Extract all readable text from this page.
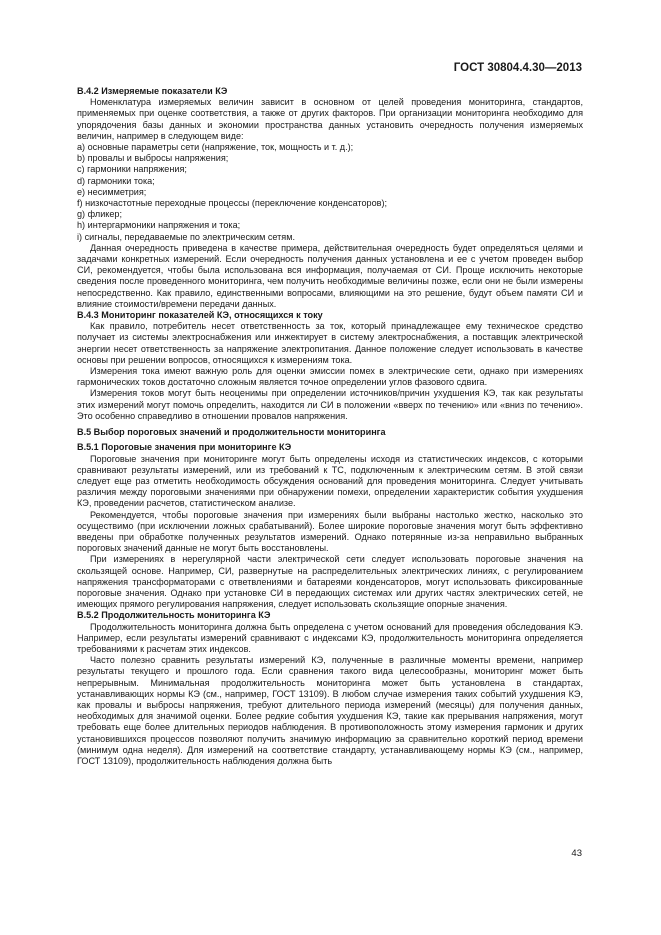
ГОСТ 30804.4.30—2013
B.4.2 Измеряемые показатели КЭ

Номенклатура измеряемых величин зависит в основном от целей проведения мониторинга, стандартов, применяемых при оценке соответствия, а также от других факторов. При организации мониторинга необходимо для упорядочения базы данных и экономии пространства данных установить очередность получения измеряемых величин, например в следующем виде:

a) основные параметры сети (напряжение, ток, мощность и т. д.);

b) провалы и выбросы напряжения;

c) гармоники напряжения;

d) гармоники тока;

e) несимметрия;

f) низкочастотные переходные процессы (переключение конденсаторов);

g) фликер;

h) интергармоники напряжения и тока;

i) сигналы, передаваемые по электрическим сетям.

Данная очередность приведена в качестве примера, действительная очередность будет определяться целями и задачами конкретных измерений. Если очередность получения данных установлена и ее с учетом проведен выбор СИ, рекомендуется, чтобы была использована вся информация, получаемая от СИ. Проще исключить некоторые сведения после проведенного мониторинга, чем получить необходимые величины позже, если они не были измерены непосредственно. Как правило, единственными вопросами, влияющими на это решение, будут объем памяти СИ и влияние стоимости/времени передачи данных.

B.4.3 Мониторинг показателей КЭ, относящихся к току

Как правило, потребитель несет ответственность за ток, который принадлежащее ему техническое средство получает из системы электроснабжения или инжектирует в систему электроснабжения, а поставщик электрической энергии несет ответственность за напряжение электропитания. Данное положение следует использовать в качестве основы при решении вопросов, относящихся к измерениям тока.

Измерения тока имеют важную роль для оценки эмиссии помех в электрические сети, однако при измерениях гармонических токов достаточно сложным является точное определении углов фазового сдвига.

Измерения токов могут быть неоценимы при определении источников/причин ухудшения КЭ, так как результаты этих измерений могут помочь определить, находится ли СИ в положении «вверх по течению» или «вниз по течению». Это особенно справедливо в отношении провалов напряжения.

B.5 Выбор пороговых значений и продолжительности мониторинга
B.5.1 Пороговые значения при мониторинге КЭ

Пороговые значения при мониторинге могут быть определены исходя из статистических индексов, с которыми сравнивают результаты измерений, или из требований к ТС, подключенным к электрическим сетям. В этой связи следует еще раз отметить необходимость обсуждения оснований для проведения мониторинга. Следует учитывать различия между пороговыми значениями при обнаружении помехи, определении характеристик события ухудшения КЭ, проведении расчетов, статистическом анализе.

Рекомендуется, чтобы пороговые значения при измерениях были выбраны настолько жестко, насколько это осуществимо (при исключении ложных срабатываний). Более широкие пороговые значения могут быть эффективно введены при обработке полученных результатов измерений. Однако потерянные из-за неправильно выбранных пороговых значений данные не могут быть восстановлены.

При измерениях в нерегулярной части электрической сети следует использовать пороговые значения на скользящей основе. Например, СИ, развернутые на распределительных электрических линиях, с регулированием напряжения трансформаторами с ответвлениями и батареями конденсаторов, могут использовать фиксированные пороговые значения. Однако при установке СИ в передающих системах или других частях электрических сетей, не имеющих прямого регулирования напряжения, следует использовать скользящие опорные значения.

B.5.2 Продолжительность мониторинга КЭ

Продолжительность мониторинга должна быть определена с учетом оснований для проведения обследования КЭ. Например, если результаты измерений сравнивают с индексами КЭ, продолжительность мониторинга определяется требованиями к расчетам этих индексов.

Часто полезно сравнить результаты измерений КЭ, полученные в различные моменты времени, например результаты текущего и прошлого года. Если сравнения такого вида целесообразны, мониторинг может быть непрерывным. Минимальная продолжительность мониторинга может быть установлена в стандартах, устанавливающих нормы КЭ (см., например, ГОСТ 13109). В любом случае измерения таких событий ухудшения КЭ, как провалы и выбросы напряжения, требуют длительного периода измерений (месяцы) для получения данных, необходимых для значимой оценки. Более редкие события ухудшения КЭ, такие как прерывания напряжения, могут требовать еще более длительных периодов наблюдения. В противоположность этому измерения гармоник и других установившихся процессов позволяют получить значимую информацию за сравнительно короткий период времени (минимум одна неделя). Для измерений на соответствие стандарту, устанавливающему нормы КЭ (см., например, ГОСТ 13109), продолжительность наблюдения должна быть

43
